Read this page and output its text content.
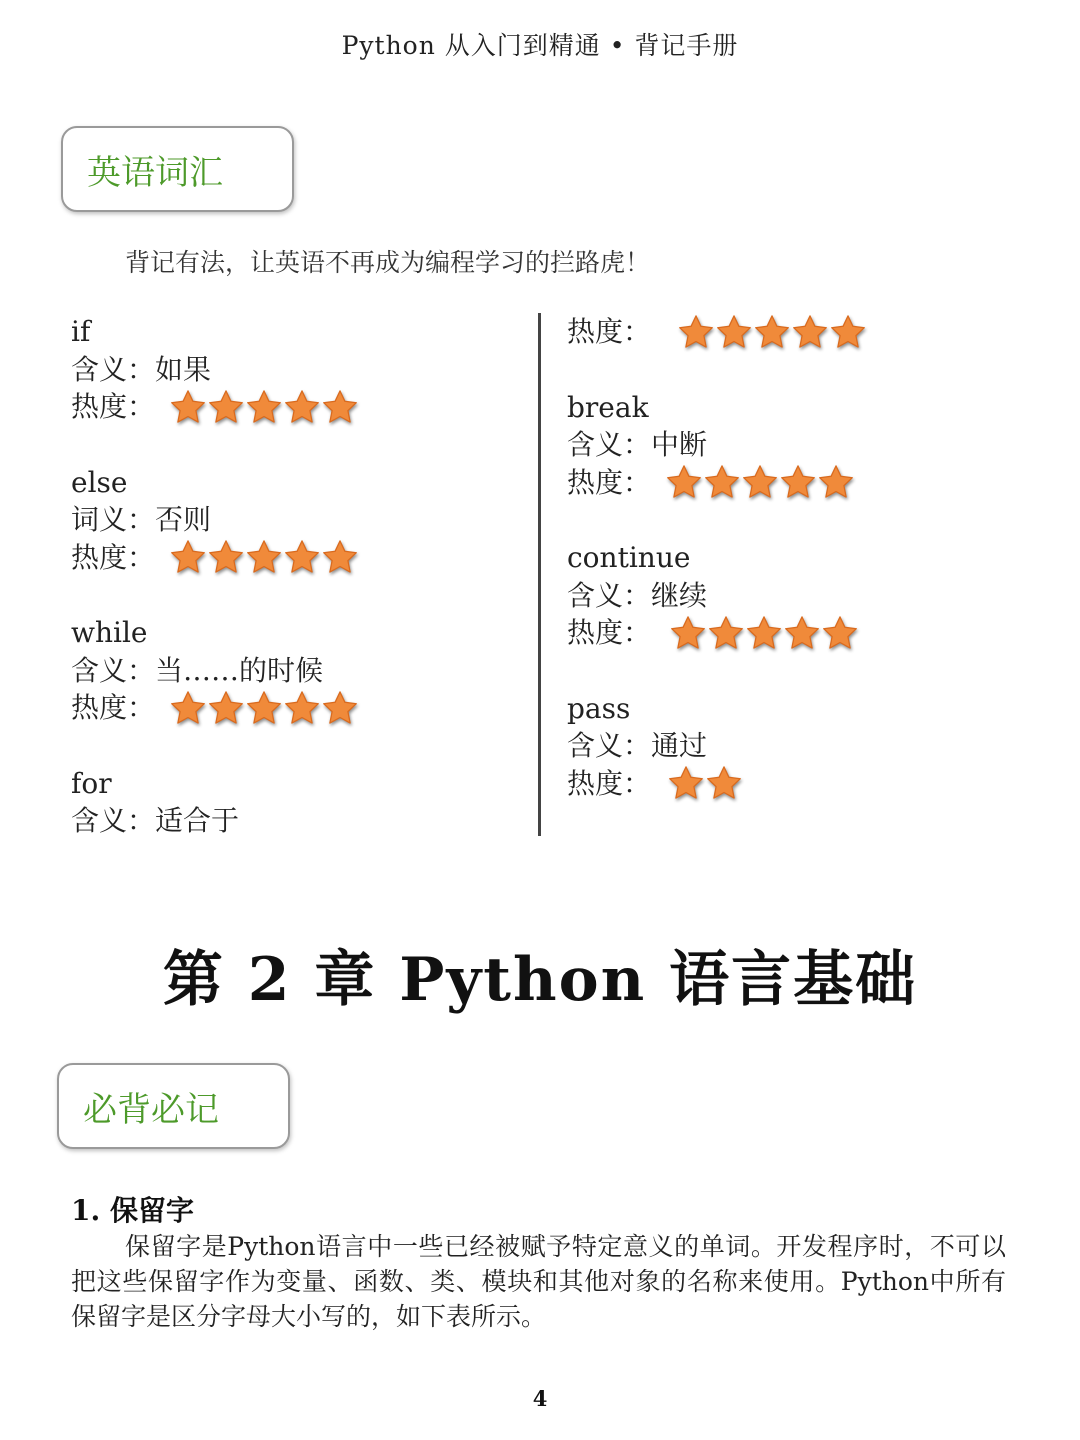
Python 从入门到精通 • 背记手册
英语词汇
背记有法，让英语不再成为编程学习的拦路虎！
if
含义： 如果
热度：
else
词义： 否则
热度：
while
含义： 当……的时候
热度：
for
含义： 适合于
热度：
break
含义： 中断
热度：
continue
含义： 继续
热度：
pass
含义： 通过
热度：
第 2 章 Python 语言基础
必背必记
1. 保留字
保留字是Python语言中一些已经被赋予特定意义的单词。开发程序时，不可以把这些保留字作为变量、函数、类、模块和其他对象的名称来使用。Python中所有保留字是区分字母大小写的，如下表所示。
4
